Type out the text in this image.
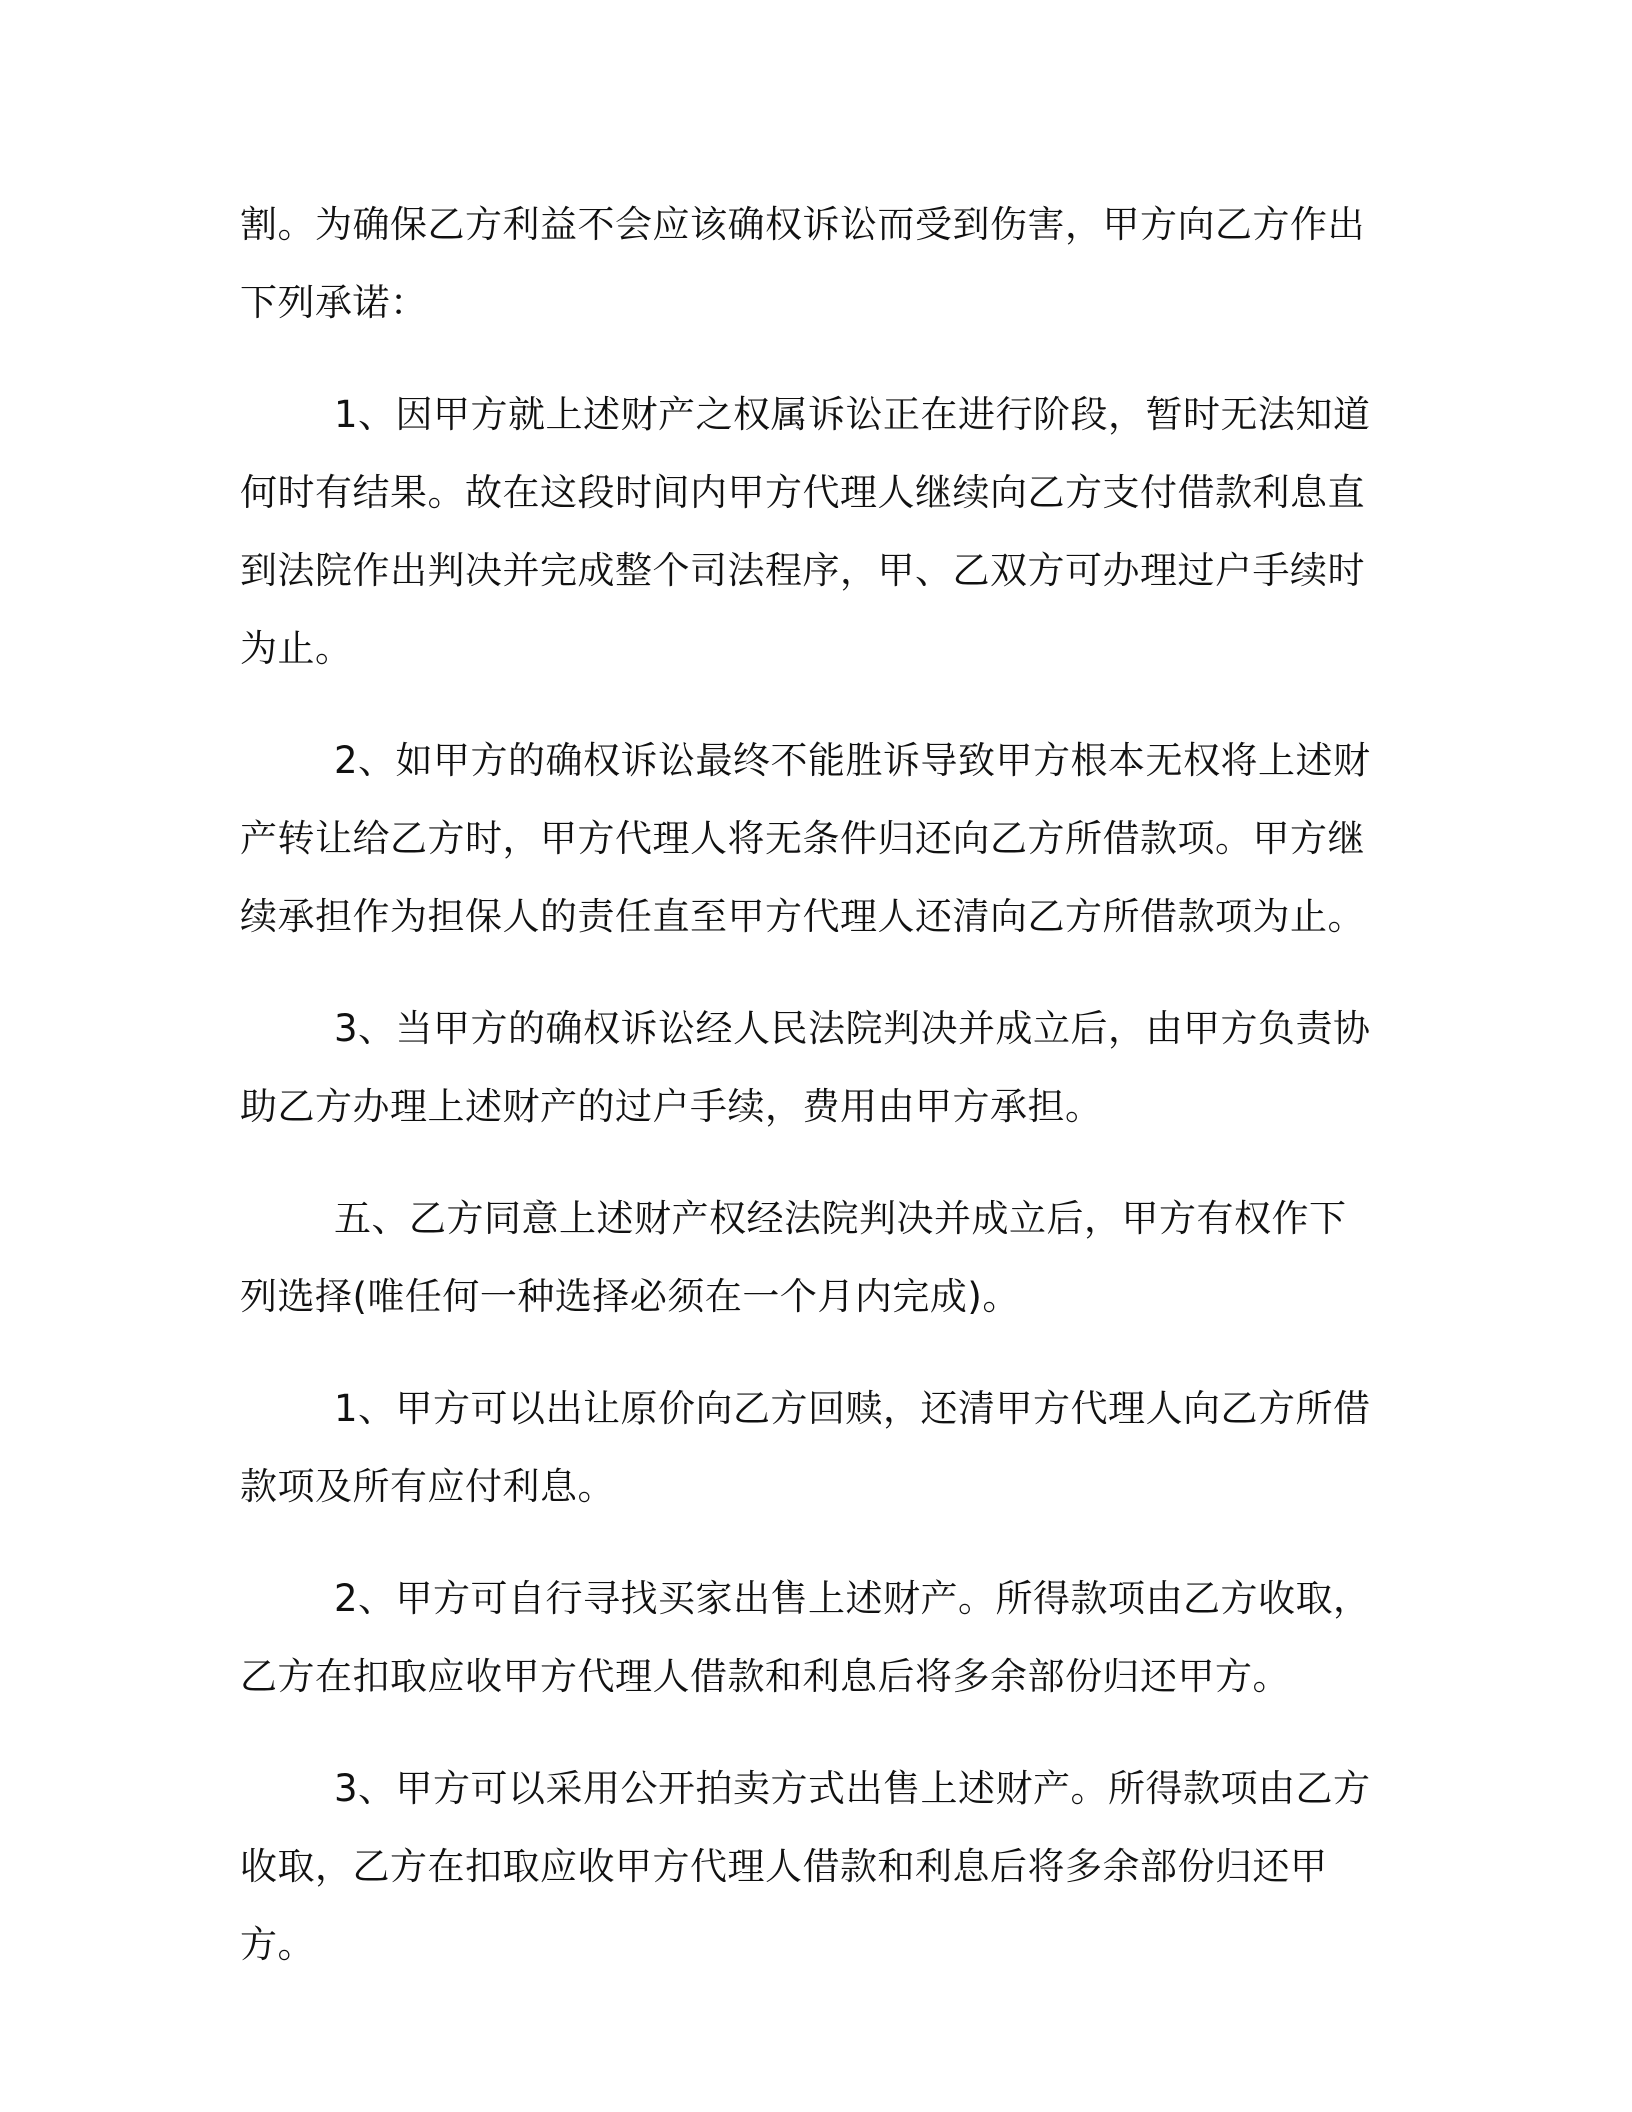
割。为确保乙方利益不会应该确权诉讼而受到伤害，甲方向乙方作出下列承诺：

1、因甲方就上述财产之权属诉讼正在进行阶段，暂时无法知道何时有结果。故在这段时间内甲方代理人继续向乙方支付借款利息直到法院作出判决并完成整个司法程序，甲、乙双方可办理过户手续时为止。

2、如甲方的确权诉讼最终不能胜诉导致甲方根本无权将上述财产转让给乙方时，甲方代理人将无条件归还向乙方所借款项。甲方继续承担作为担保人的责任直至甲方代理人还清向乙方所借款项为止。

3、当甲方的确权诉讼经人民法院判决并成立后，由甲方负责协助乙方办理上述财产的过户手续，费用由甲方承担。

五、乙方同意上述财产权经法院判决并成立后，甲方有权作下列选择(唯任何一种选择必须在一个月内完成)。

1、甲方可以出让原价向乙方回赎，还清甲方代理人向乙方所借款项及所有应付利息。

2、甲方可自行寻找买家出售上述财产。所得款项由乙方收取，乙方在扣取应收甲方代理人借款和利息后将多余部份归还甲方。

3、甲方可以采用公开拍卖方式出售上述财产。所得款项由乙方收取，乙方在扣取应收甲方代理人借款和利息后将多余部份归还甲方。
